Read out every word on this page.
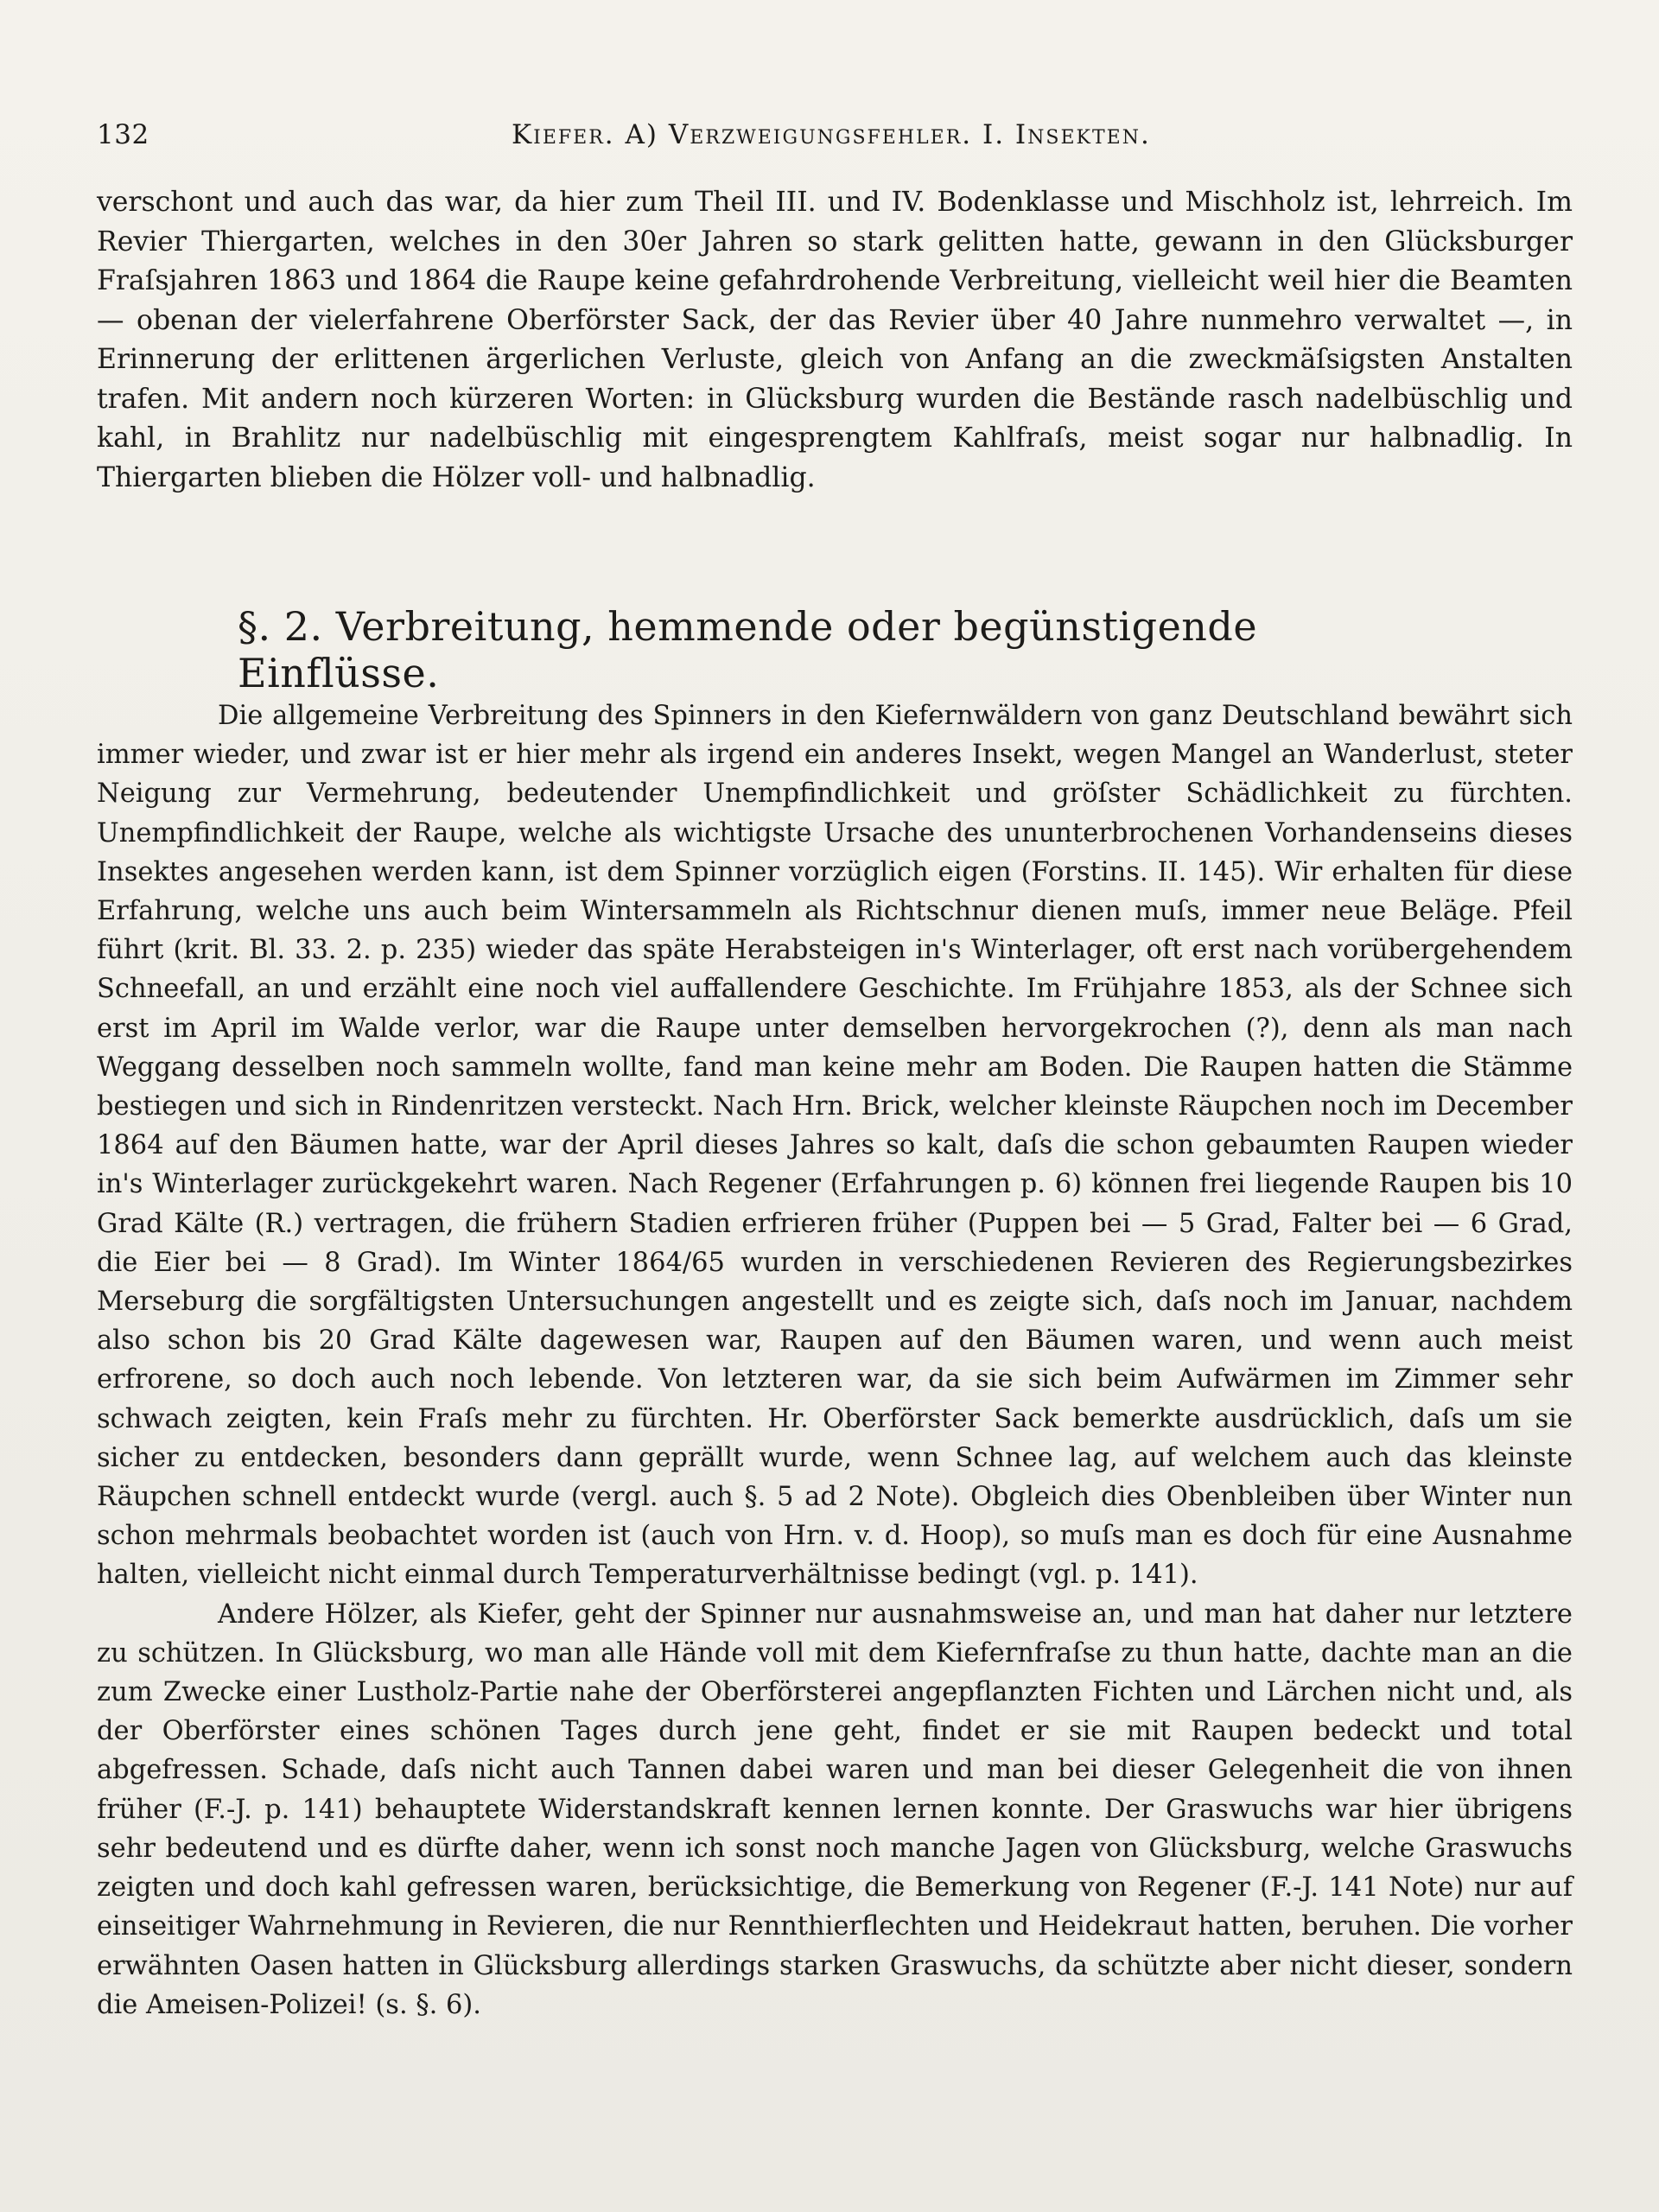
132	Kiefer. A) Verzweigungsfehler. I. Insekten.

verschont und auch das war, da hier zum Theil III. und IV. Bodenklasse und Mischholz ist, lehrreich. Im Revier Thiergarten, welches in den 30er Jahren so stark gelitten hatte, gewann in den Glücksburger Fraſsjahren 1863 und 1864 die Raupe keine gefahrdrohende Verbreitung, vielleicht weil hier die Beamten — obenan der vielerfahrene Oberförster Sack, der das Revier über 40 Jahre nunmehro verwaltet —, in Erinnerung der erlittenen ärgerlichen Verluste, gleich von Anfang an die zweckmäſsigsten Anstalten trafen. Mit andern noch kürzeren Worten: in Glücksburg wurden die Bestände rasch nadelbüschlig und kahl, in Brahlitz nur nadelbüschlig mit eingesprengtem Kahlfraſs, meist sogar nur halbnadlig. In Thiergarten blieben die Hölzer voll- und halbnadlig.

§. 2. Verbreitung, hemmende oder begünstigende Einflüsse.

Die allgemeine Verbreitung des Spinners in den Kiefernwäldern von ganz Deutschland bewährt sich immer wieder, und zwar ist er hier mehr als irgend ein anderes Insekt, wegen Mangel an Wanderlust, steter Neigung zur Vermehrung, bedeutender Unempfindlichkeit und gröſster Schädlichkeit zu fürchten. Unempfindlichkeit der Raupe, welche als wichtigste Ursache des ununterbrochenen Vorhandenseins dieses Insektes angesehen werden kann, ist dem Spinner vorzüglich eigen (Forstins. II. 145). Wir erhalten für diese Erfahrung, welche uns auch beim Wintersammeln als Richtschnur dienen muſs, immer neue Beläge. Pfeil führt (krit. Bl. 33. 2. p. 235) wieder das späte Herabsteigen in's Winterlager, oft erst nach vorübergehendem Schneefall, an und erzählt eine noch viel auffallendere Geschichte. Im Frühjahre 1853, als der Schnee sich erst im April im Walde verlor, war die Raupe unter demselben hervorgekrochen (?), denn als man nach Weggang desselben noch sammeln wollte, fand man keine mehr am Boden. Die Raupen hatten die Stämme bestiegen und sich in Rindenritzen versteckt. Nach Hrn. Brick, welcher kleinste Räupchen noch im December 1864 auf den Bäumen hatte, war der April dieses Jahres so kalt, daſs die schon gebaumten Raupen wieder in's Winterlager zurückgekehrt waren. Nach Regener (Erfahrungen p. 6) können frei liegende Raupen bis 10 Grad Kälte (R.) vertragen, die frühern Stadien erfrieren früher (Puppen bei — 5 Grad, Falter bei — 6 Grad, die Eier bei — 8 Grad). Im Winter 1864/65 wurden in verschiedenen Revieren des Regierungsbezirkes Merseburg die sorgfältigsten Untersuchungen angestellt und es zeigte sich, daſs noch im Januar, nachdem also schon bis 20 Grad Kälte dagewesen war, Raupen auf den Bäumen waren, und wenn auch meist erfrorene, so doch auch noch lebende. Von letzteren war, da sie sich beim Aufwärmen im Zimmer sehr schwach zeigten, kein Fraſs mehr zu fürchten. Hr. Oberförster Sack bemerkte ausdrücklich, daſs um sie sicher zu entdecken, besonders dann geprällt wurde, wenn Schnee lag, auf welchem auch das kleinste Räupchen schnell entdeckt wurde (vergl. auch §. 5 ad 2 Note). Obgleich dies Obenbleiben über Winter nun schon mehrmals beobachtet worden ist (auch von Hrn. v. d. Hoop), so muſs man es doch für eine Ausnahme halten, vielleicht nicht einmal durch Temperaturverhältnisse bedingt (vgl. p. 141).

Andere Hölzer, als Kiefer, geht der Spinner nur ausnahmsweise an, und man hat daher nur letztere zu schützen. In Glücksburg, wo man alle Hände voll mit dem Kiefernfraſse zu thun hatte, dachte man an die zum Zwecke einer Lustholz-Partie nahe der Oberförsterei angepflanzten Fichten und Lärchen nicht und, als der Oberförster eines schönen Tages durch jene geht, findet er sie mit Raupen bedeckt und total abgefressen. Schade, daſs nicht auch Tannen dabei waren und man bei dieser Gelegenheit die von ihnen früher (F.-J. p. 141) behauptete Widerstandskraft kennen lernen konnte. Der Graswuchs war hier übrigens sehr bedeutend und es dürfte daher, wenn ich sonst noch manche Jagen von Glücksburg, welche Graswuchs zeigten und doch kahl gefressen waren, berücksichtige, die Bemerkung von Regener (F.-J. 141 Note) nur auf einseitiger Wahrnehmung in Revieren, die nur Rennthierflechten und Heidekraut hatten, beruhen. Die vorher erwähnten Oasen hatten in Glücksburg allerdings starken Graswuchs, da schützte aber nicht dieser, sondern die Ameisen-Polizei! (s. §. 6).
